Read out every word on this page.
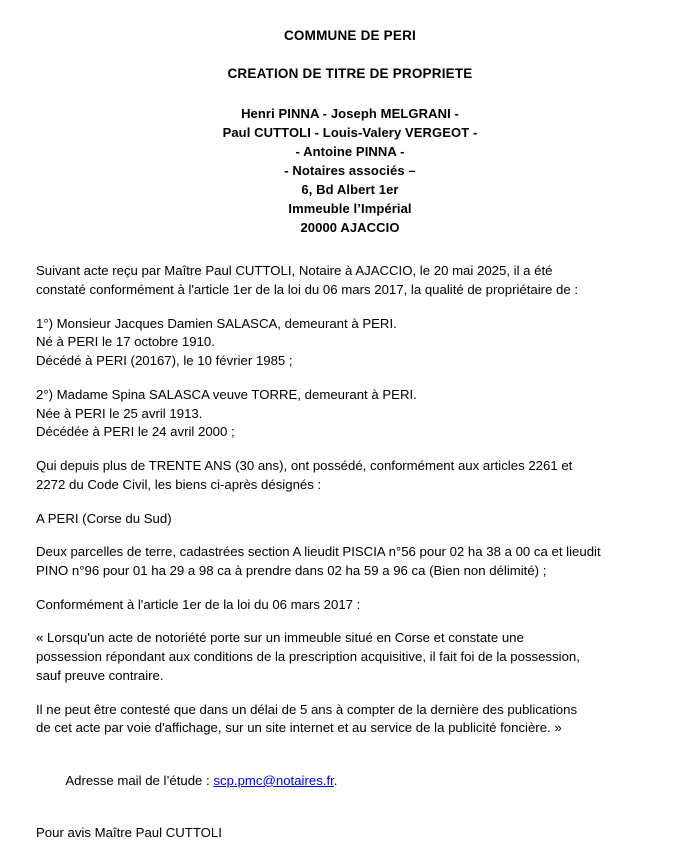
COMMUNE DE PERI
CREATION DE TITRE DE PROPRIETE
Henri PINNA - Joseph MELGRANI -
Paul CUTTOLI - Louis-Valery VERGEOT -
- Antoine PINNA -
- Notaires associés –
6, Bd Albert 1er
Immeuble l’Impérial
20000 AJACCIO

Suivant acte reçu par Maître Paul CUTTOLI, Notaire à AJACCIO, le 20 mai 2025, il a été
constaté conformément à l'article 1er de la loi du 06 mars 2017, la qualité de propriétaire de :

1°) Monsieur Jacques Damien SALASCA, demeurant à PERI.
Né à PERI le 17 octobre 1910.
Décédé à PERI (20167), le 10 février 1985 ;

2°) Madame Spina SALASCA veuve TORRE, demeurant à PERI.
Née à PERI le 25 avril 1913.
Décédée à PERI le 24 avril 2000 ;

Qui depuis plus de TRENTE ANS (30 ans), ont possédé, conformément aux articles 2261 et
2272 du Code Civil, les biens ci-après désignés :

A PERI (Corse du Sud)

Deux parcelles de terre, cadastrées section A lieudit PISCIA n°56 pour 02 ha 38 a 00 ca et lieudit
PINO n°96 pour 01 ha 29 a 98 ca à prendre dans 02 ha 59 a 96 ca (Bien non délimité) ;

Conformément à l'article 1er de la loi du 06 mars 2017 :

« Lorsqu'un acte de notoriété porte sur un immeuble situé en Corse et constate une
possession répondant aux conditions de la prescription acquisitive, il fait foi de la possession,
sauf preuve contraire.

Il ne peut être contesté que dans un délai de 5 ans à compter de la dernière des publications
de cet acte par voie d'affichage, sur un site internet et au service de la publicité foncière. »

Adresse mail de l’étude : scp.pmc@notaires.fr.

Pour avis Maître Paul CUTTOLI
